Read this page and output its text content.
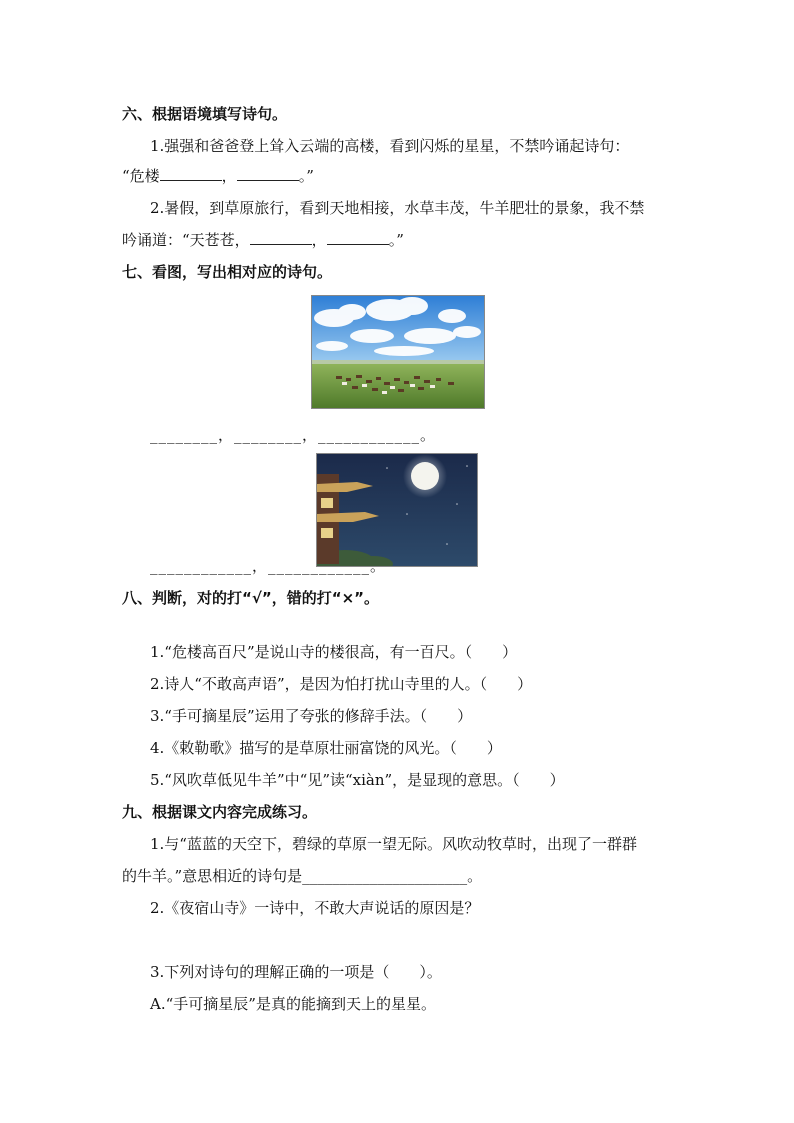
六、根据语境填写诗句。
1.强强和爸爸登上耸入云端的高楼，看到闪烁的星星，不禁吟诵起诗句：
“危楼	，	。”
2.暑假，到草原旅行，看到天地相接，水草丰茂，牛羊肥壮的景象，我不禁
吟诵道：“天苍苍，	，	。”
七、看图，写出相对应的诗句。
________，________，____________。
____________，____________。
八、判断，对的打“√”，错的打“×”。
1.“危楼高百尺”是说山寺的楼很高，有一百尺。（　　）
2.诗人“不敢高声语”，是因为怕打扰山寺里的人。（　　）
3.“手可摘星辰”运用了夸张的修辞手法。（　　）
4.《敕勒歌》描写的是草原壮丽富饶的风光。（　　）
5.“风吹草低见牛羊”中“见”读“xiàn”，是显现的意思。（　　）
九、根据课文内容完成练习。
1.与“蓝蓝的天空下，碧绿的草原一望无际。风吹动牧草时，出现了一群群
的牛羊。”意思相近的诗句是______________________。
2.《夜宿山寺》一诗中，不敢大声说话的原因是？
3.下列对诗句的理解正确的一项是（　　）。
A.“手可摘星辰”是真的能摘到天上的星星。
